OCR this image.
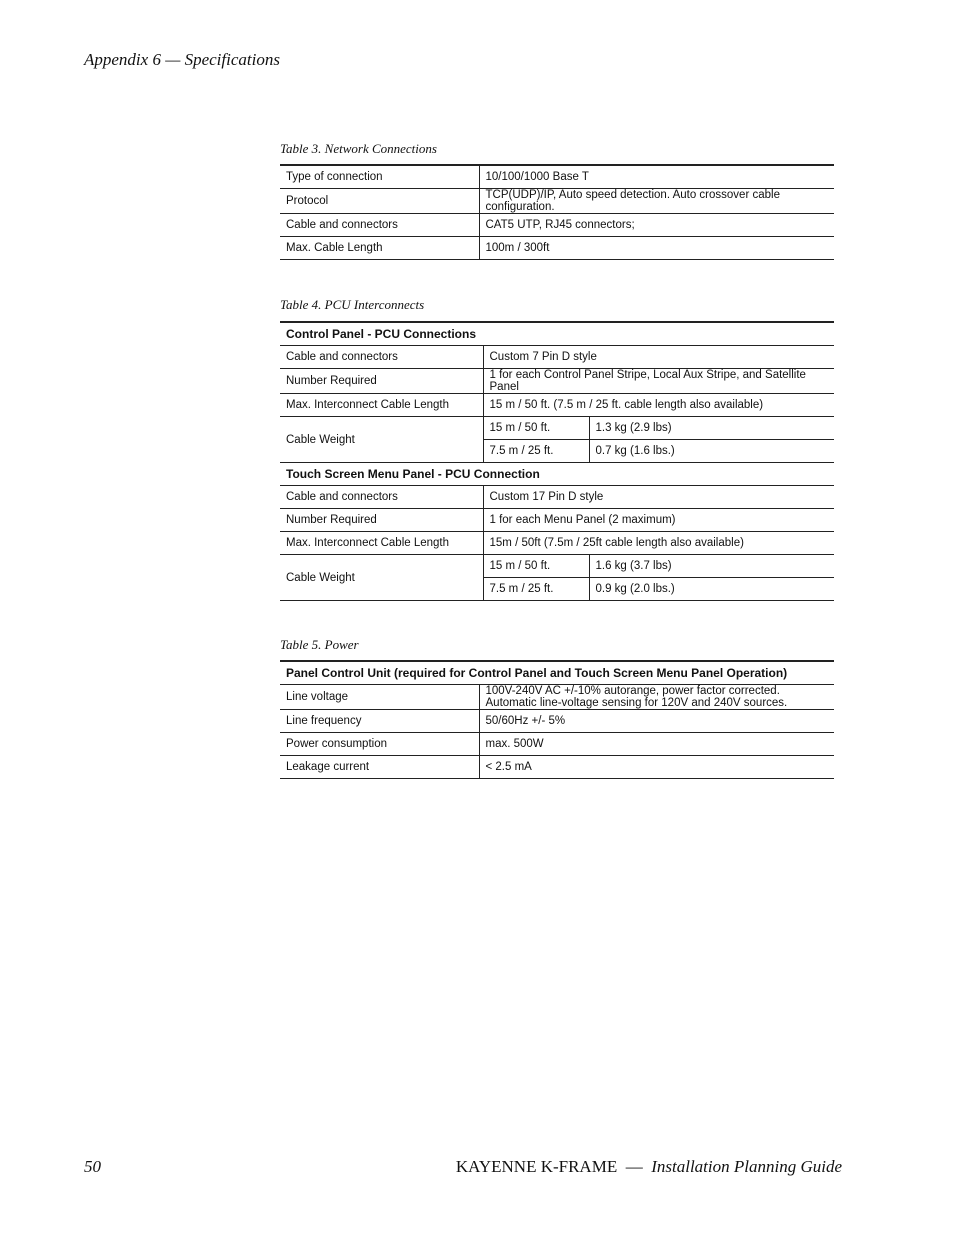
Appendix 6 — Specifications
Table 3. Network Connections
Type of connection	10/100/1000 Base T
Protocol	TCP(UDP)/IP, Auto speed detection. Auto crossover cable configuration.
Cable and connectors	CAT5 UTP, RJ45 connectors;
Max. Cable Length	100m / 300ft
Table 4. PCU Interconnects
Control Panel - PCU Connections		
Cable and connectors	Custom 7 Pin D style	
Number Required	1 for each Control Panel Stripe, Local Aux Stripe, and Satellite Panel	
Max. Interconnect Cable Length	15 m / 50 ft. (7.5 m / 25 ft. cable length also available)	
Cable Weight	15 m / 50 ft.	1.3 kg (2.9 lbs)
	7.5 m / 25 ft.	0.7 kg (1.6 lbs.)
Touch Screen Menu Panel - PCU Connection		
Cable and connectors	Custom 17 Pin D style	
Number Required	1 for each Menu Panel (2 maximum)	
Max. Interconnect Cable Length	15m / 50ft (7.5m / 25ft cable length also available)	
Cable Weight	15 m / 50 ft.	1.6 kg (3.7 lbs)
	7.5 m / 25 ft.	0.9 kg (2.0 lbs.)
Table 5. Power
Panel Control Unit (required for Control Panel and Touch Screen Menu Panel Operation)	
Line voltage	100V-240V AC +/-10% autorange, power factor corrected. Automatic line-voltage sensing for 120V and 240V sources.
Line frequency	50/60Hz +/- 5%
Power consumption	max. 500W
Leakage current	< 2.5 mA
50	KAYENNE K-FRAME — Installation Planning Guide
